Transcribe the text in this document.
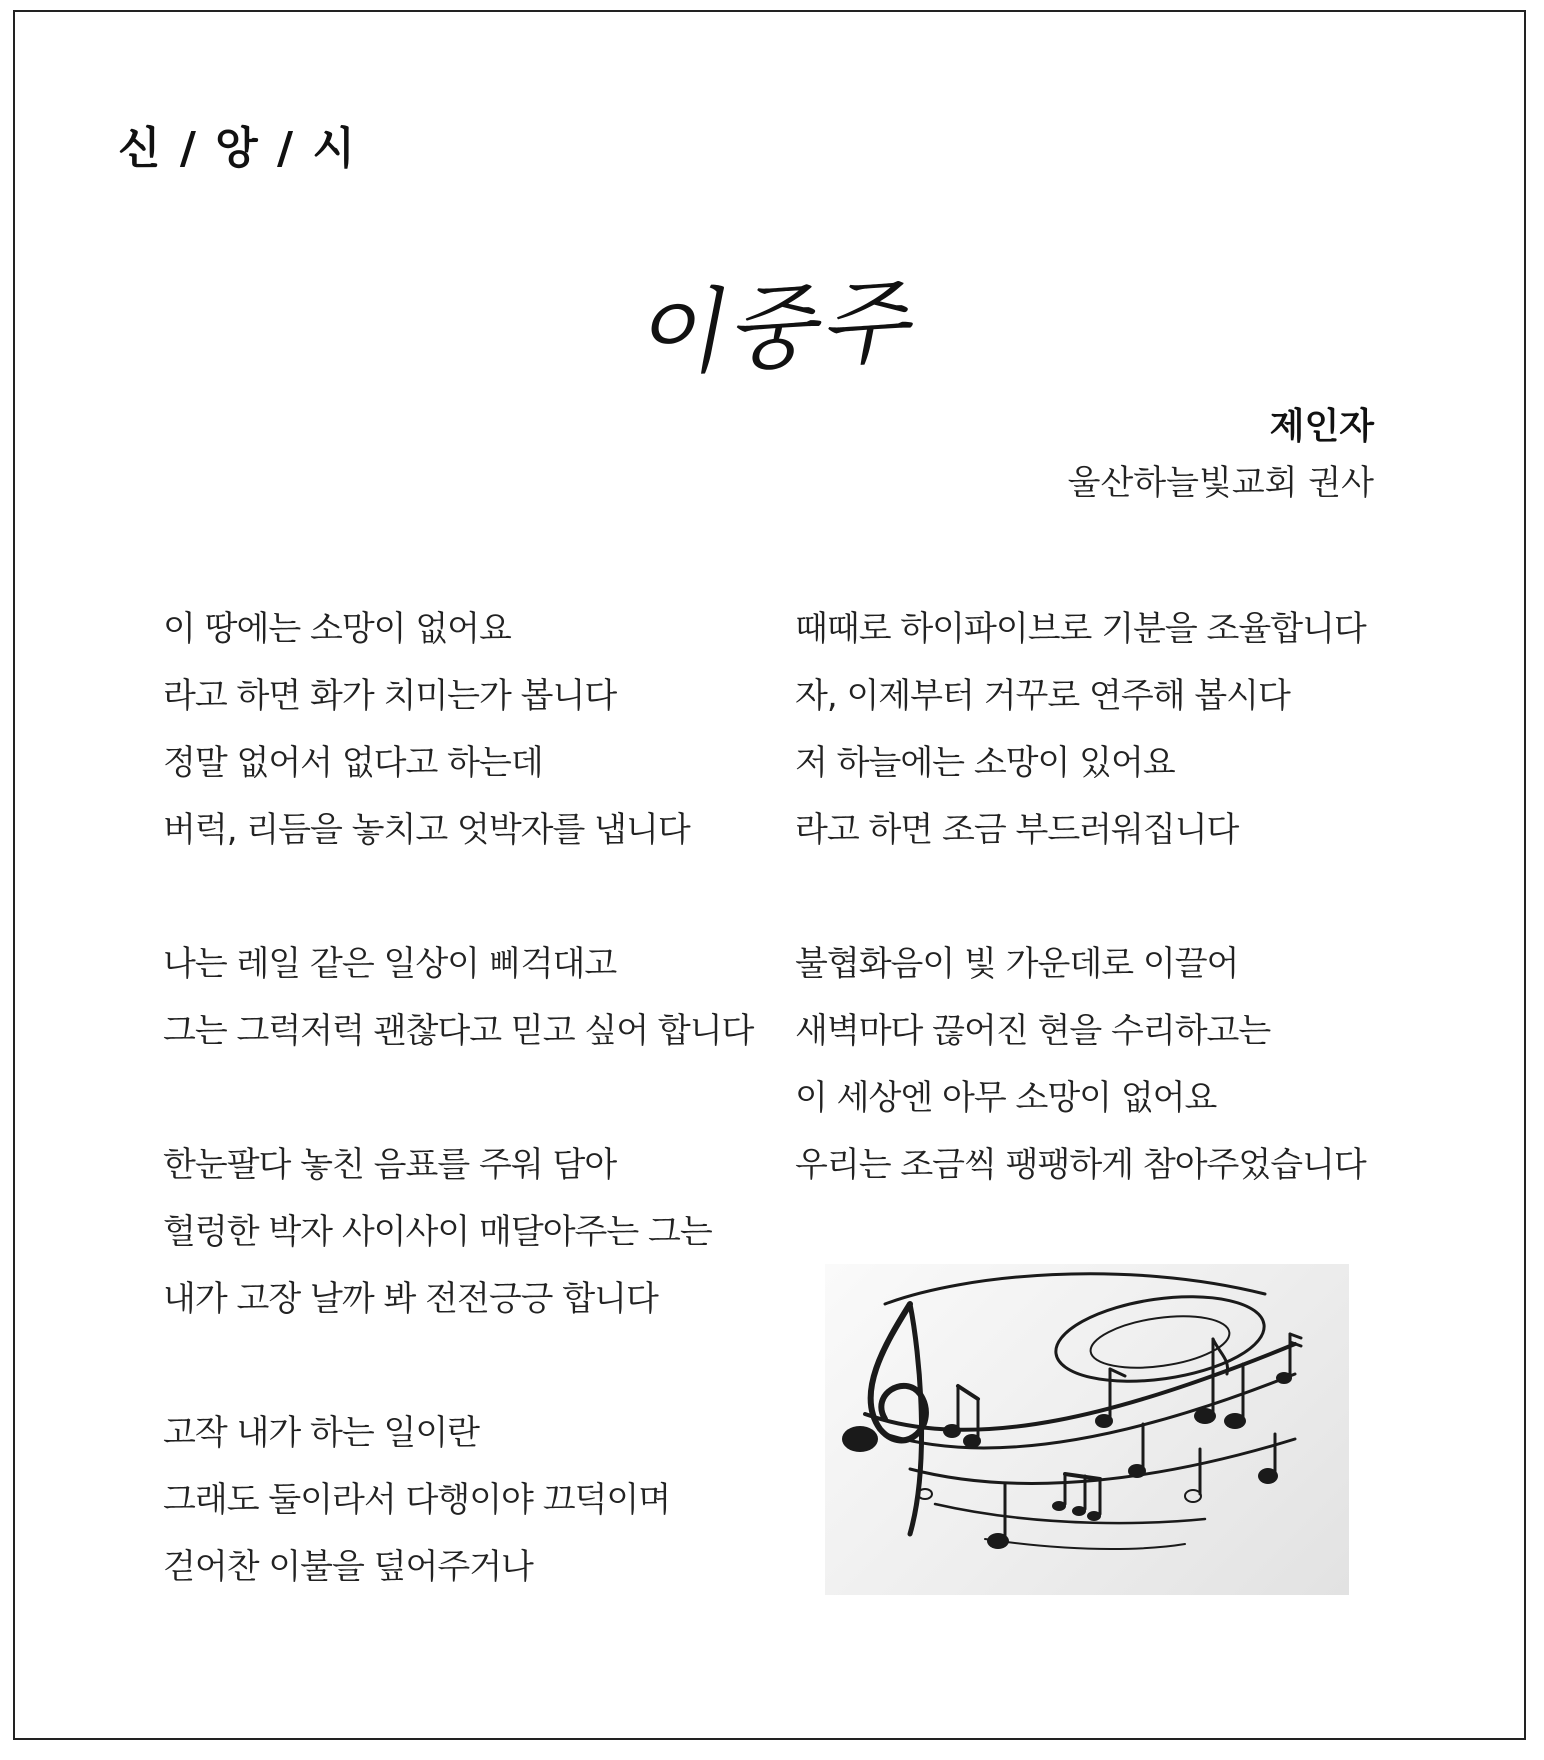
신 / 앙 / 시
이중주
제인자
울산하늘빛교회 권사
이 땅에는 소망이 없어요
라고 하면 화가 치미는가 봅니다
정말 없어서 없다고 하는데
버럭, 리듬을 놓치고 엇박자를 냅니다
나는 레일 같은 일상이 삐걱대고
그는 그럭저럭 괜찮다고 믿고 싶어 합니다
한눈팔다 놓친 음표를 주워 담아
헐렁한 박자 사이사이 매달아주는 그는
내가 고장 날까 봐 전전긍긍 합니다
고작 내가 하는 일이란
그래도 둘이라서 다행이야 끄덕이며
걷어찬 이불을 덮어주거나
때때로 하이파이브로 기분을 조율합니다
자, 이제부터 거꾸로 연주해 봅시다
저 하늘에는 소망이 있어요
라고 하면 조금 부드러워집니다
불협화음이 빛 가운데로 이끌어
새벽마다 끊어진 현을 수리하고는
이 세상엔 아무 소망이 없어요
우리는 조금씩 팽팽하게 참아주었습니다
